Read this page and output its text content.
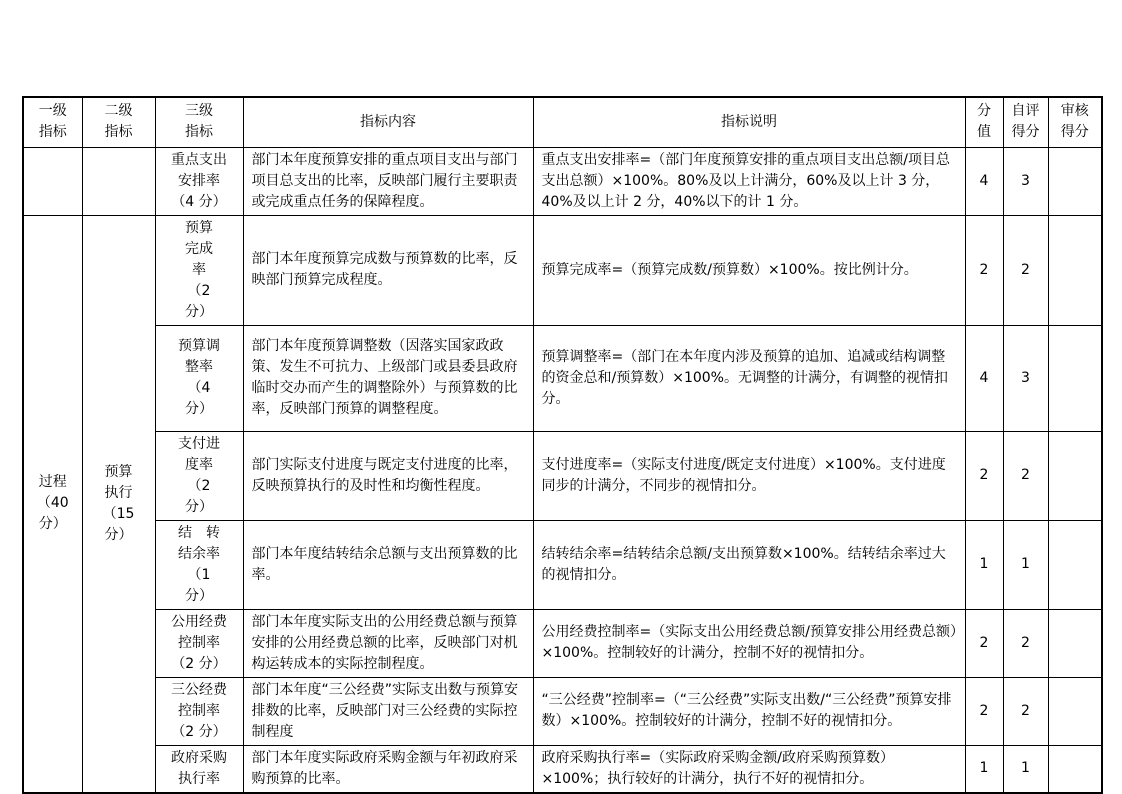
一级指标	二级指标	三级指标	指标内容	指标说明	分值	自评得分	审核得分
		重点支出安排率（4 分）	部门本年度预算安排的重点项目支出与部门项目总支出的比率，反映部门履行主要职责或完成重点任务的保障程度。	重点支出安排率=（部门年度预算安排的重点项目支出总额/项目总支出总额）×100%。80%及以上计满分，60%及以上计 3 分，40%及以上计 2 分，40%以下的计 1 分。	4	3	
过程（40分）	预算执行（15分）	预算完成率（2 分）	部门本年度预算完成数与预算数的比率，反映部门预算完成程度。	预算完成率=（预算完成数/预算数）×100%。按比例计分。	2	2	
		预算调整率（4 分）	部门本年度预算调整数（因落实国家政政策、发生不可抗力、上级部门或县委县政府临时交办而产生的调整除外）与预算数的比率，反映部门预算的调整程度。	预算调整率=（部门在本年度内涉及预算的追加、追减或结构调整的资金总和/预算数）×100%。无调整的计满分，有调整的视情扣分。	4	3	
		支付进度率（2 分）	部门实际支付进度与既定支付进度的比率，反映预算执行的及时性和均衡性程度。	支付进度率=（实际支付进度/既定支付进度）×100%。支付进度同步的计满分，不同步的视情扣分。	2	2	
		结　转结余率（1 分）	部门本年度结转结余总额与支出预算数的比率。	结转结余率=结转结余总额/支出预算数×100%。结转结余率过大的视情扣分。	1	1	
		公用经费控制率（2 分）	部门本年度实际支出的公用经费总额与预算安排的公用经费总额的比率，反映部门对机构运转成本的实际控制程度。	公用经费控制率=（实际支出公用经费总额/预算安排公用经费总额）×100%。控制较好的计满分，控制不好的视情扣分。	2	2	
		三公经费控制率（2 分）	部门本年度“三公经费”实际支出数与预算安排数的比率，反映部门对三公经费的实际控制程度	“三公经费”控制率=（“三公经费”实际支出数/“三公经费”预算安排数）×100%。控制较好的计满分，控制不好的视情扣分。	2	2	
		政府采购执行率	部门本年度实际政府采购金额与年初政府采购预算的比率。	政府采购执行率=（实际政府采购金额/政府采购预算数）×100%；执行较好的计满分，执行不好的视情扣分。	1	1	
